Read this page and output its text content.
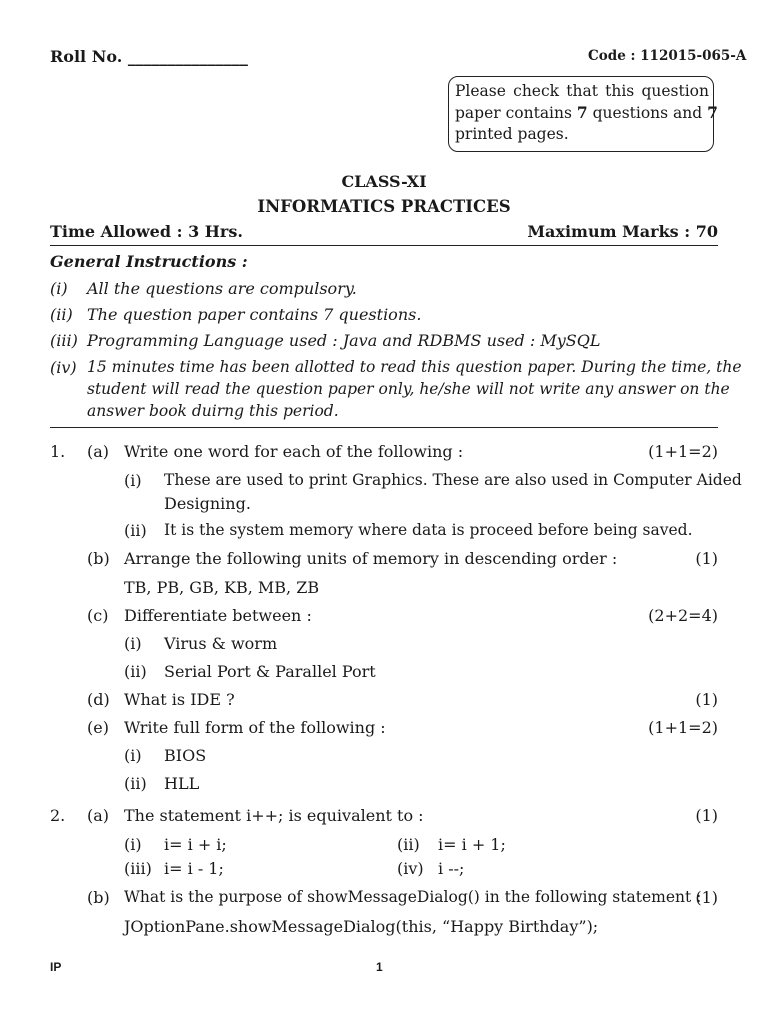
Roll No. _______________	Code : 112015-065-A
Please check that this question
paper contains 7 questions and 7
printed pages.
CLASS-XI
INFORMATICS PRACTICES
Time Allowed : 3 Hrs.	Maximum Marks : 70
General Instructions :
(i) All the questions are compulsory.
(ii) The question paper contains 7 questions.
(iii) Programming Language used : Java and RDBMS used : MySQL
(iv) 15 minutes time has been allotted to read this question paper. During the time, the
student will read the question paper only, he/she will not write any answer on the
answer book duirng this period.
1. (a) Write one word for each of the following :	(1+1=2)
(i) These are used to print Graphics. These are also used in Computer Aided
Designing.
(ii) It is the system memory where data is proceed before being saved.
(b) Arrange the following units of memory in descending order :	(1)
TB, PB, GB, KB, MB, ZB
(c) Differentiate between :	(2+2=4)
(i) Virus & worm
(ii) Serial Port & Parallel Port
(d) What is IDE ?	(1)
(e) Write full form of the following :	(1+1=2)
(i) BIOS
(ii) HLL
2. (a) The statement i++; is equivalent to :	(1)
(i) i= i + i;	(ii) i= i + 1;
(iii) i= i - 1;	(iv) i --;
(b) What is the purpose of showMessageDialog() in the following statement :
(1)
JOptionPane.showMessageDialog(this, “Happy Birthday”);
IP	1
